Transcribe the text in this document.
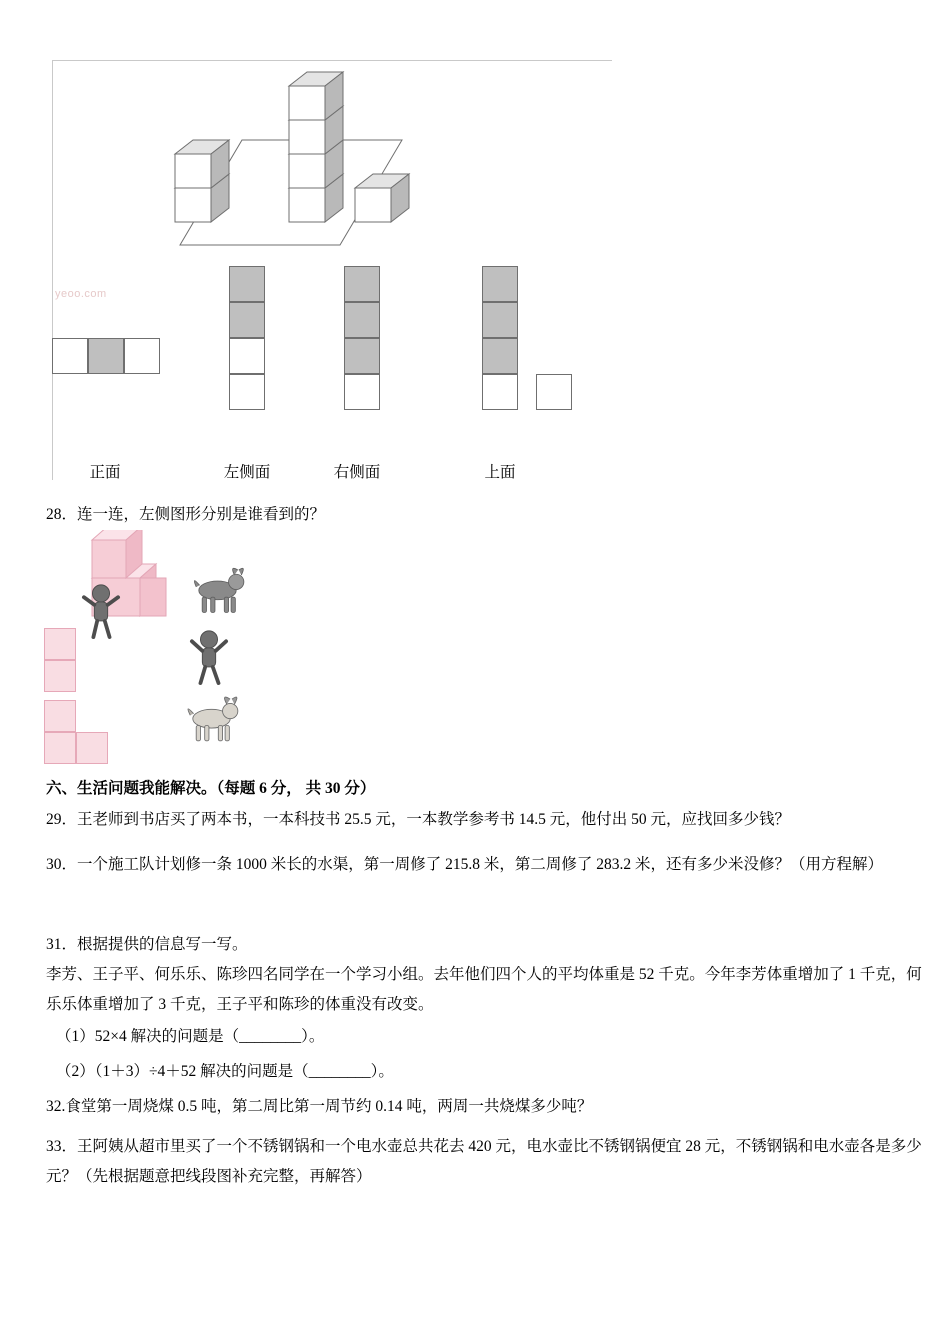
yeoo.com
正面	左侧面	右侧面	上面
28．连一连，左侧图形分别是谁看到的？
六、生活问题我能解决。（每题 6 分， 共 30 分）
29．王老师到书店买了两本书，一本科技书 25.5 元，一本教学参考书 14.5 元，他付出 50 元，应找回多少钱？
30．一个施工队计划修一条 1000 米长的水渠，第一周修了 215.8 米，第二周修了 283.2 米，还有多少米没修？（用方程解）
31．根据提供的信息写一写。
李芳、王子平、何乐乐、陈珍四名同学在一个学习小组。去年他们四个人的平均体重是 52 千克。今年李芳体重增加了 1 千克，何乐乐体重增加了 3 千克，王子平和陈珍的体重没有改变。
（1）52×4 解决的问题是（________）。
（2）（1＋3）÷4＋52 解决的问题是（________）。
32.食堂第一周烧煤 0.5 吨，第二周比第一周节约 0.14 吨，两周一共烧煤多少吨？
33．王阿姨从超市里买了一个不锈钢锅和一个电水壶总共花去 420 元，电水壶比不锈钢锅便宜 28 元，不锈钢锅和电水壶各是多少元？（先根据题意把线段图补充完整，再解答）
